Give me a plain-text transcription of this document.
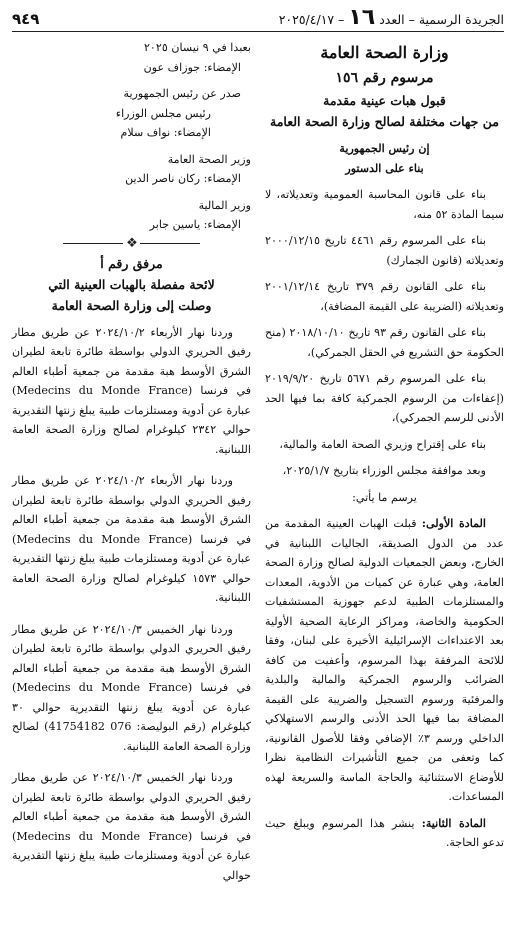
الجريدة الرسمية – العدد ١٦ – ٢٠٢٥/٤/١٧
٩٤٩
وزارة الصحة العامة
مرسوم رقم ١٥٦
قبول هبات عينية مقدمة
من جهات مختلفة لصالح وزارة الصحة العامة
إن رئيس الجمهورية
بناء على الدستور

بناء على قانون المحاسبة العمومية وتعديلاته، لا سيما المادة ٥٢ منه،

بناء على المرسوم رقم ٤٤٦١ تاريخ ٢٠٠٠/١٢/١٥ وتعديلاته (قانون الجمارك)

بناء على القانون رقم ٣٧٩ تاريخ ٢٠٠١/١٢/١٤ وتعديلاته (الضريبة على القيمة المضافة)،

بناء على القانون رقم ٩٣ تاريخ ٢٠١٨/١٠/١٠ (منح الحكومة حق التشريع في الحقل الجمركي)،

بناء على المرسوم رقم ٥٦٧١ تاريخ ٢٠١٩/٩/٢٠ (إعفاءات من الرسوم الجمركية كافة بما فيها الحد الأدنى للرسم الجمركي)،

بناء على إقتراح وزيري الصحة العامة والمالية،

وبعد موافقة مجلس الوزراء بتاريخ ٢٠٢٥/١/٧،

يرسم ما يأتي:

المادة الأولى: قبلت الهبات العينية المقدمة من عدد من الدول الصديقة، الجاليات اللبنانية في الخارج، وبعض الجمعيات الدولية لصالح وزارة الصحة العامة، وهي عبارة عن كميات من الأدوية، المعدات والمستلزمات الطبية لدعم جهوزية المستشفيات الحكومية والخاصة، ومراكز الرعاية الصحية الأولية بعد الاعتداءات الإسرائيلية الأخيرة على لبنان، وفقا للائحة المرفقة بهذا المرسوم، وأعفيت من كافة الضرائب والرسوم الجمركية والمالية والبلدية والمرفئية ورسوم التسجيل والضريبة على القيمة المضافة بما فيها الحد الأدنى والرسم الاستهلاكي الداخلي ورسم ٣٪ الإضافي وفقا للأصول القانونية، كما وتعفى من جميع التأشيرات النظامية نظرا للأوضاع الاستثنائية والحاجة الماسة والسريعة لهذه المساعدات.

المادة الثانية: ينشر هذا المرسوم ويبلغ حيث تدعو الحاجة.

بعبدا في ٩ نيسان ٢٠٢٥
الإمضاء: جوزاف عون
صدر عن رئيس الجمهورية
رئيس مجلس الوزراء
الإمضاء: نواف سلام
وزير الصحة العامة
الإمضاء: ركان ناصر الدين
وزير المالية
الإمضاء: ياسين جابر
❖
مرفق رقم أ
لائحة مفصلة بالهبات العينية التي
وصلت إلى وزارة الصحة العامة

وردنا نهار الأربعاء ٢٠٢٤/١٠/٢ عن طريق مطار رفيق الحريري الدولي بواسطة طائرة تابعة لطيران الشرق الأوسط هبة مقدمة من جمعية أطباء العالم في فرنسا (Medecins du Monde France) عبارة عن أدوية ومستلزمات طبية يبلغ زنتها التقديرية حوالي ٢٣٤٢ كيلوغرام لصالح وزارة الصحة العامة اللبنانية.

وردنا نهار الأربعاء ٢٠٢٤/١٠/٢ عن طريق مطار رفيق الحريري الدولي بواسطة طائرة تابعة لطيران الشرق الأوسط هبة مقدمة من جمعية أطباء العالم في فرنسا (Medecins du Monde France) عبارة عن أدوية ومستلزمات طبية يبلغ زنتها التقديرية حوالي ١٥٧٣ كيلوغرام لصالح وزارة الصحة العامة اللبنانية.

وردنا نهار الخميس ٢٠٢٤/١٠/٣ عن طريق مطار رفيق الحريري الدولي بواسطة طائرة تابعة لطيران الشرق الأوسط هبة مقدمة من جمعية أطباء العالم في فرنسا (Medecins du Monde France) عبارة عن أدوية يبلغ زنتها التقديرية حوالي ٣٠ كيلوغرام (رقم البوليصة: 076 41754182) لصالح وزارة الصحة العامة اللبنانية.

وردنا نهار الخميس ٢٠٢٤/١٠/٣ عن طريق مطار رفيق الحريري الدولي بواسطة طائرة تابعة لطيران الشرق الأوسط هبة مقدمة من جمعية أطباء العالم في فرنسا (Medecins du Monde France) عبارة عن أدوية ومستلزمات طبية يبلغ زنتها التقديرية حوالي
